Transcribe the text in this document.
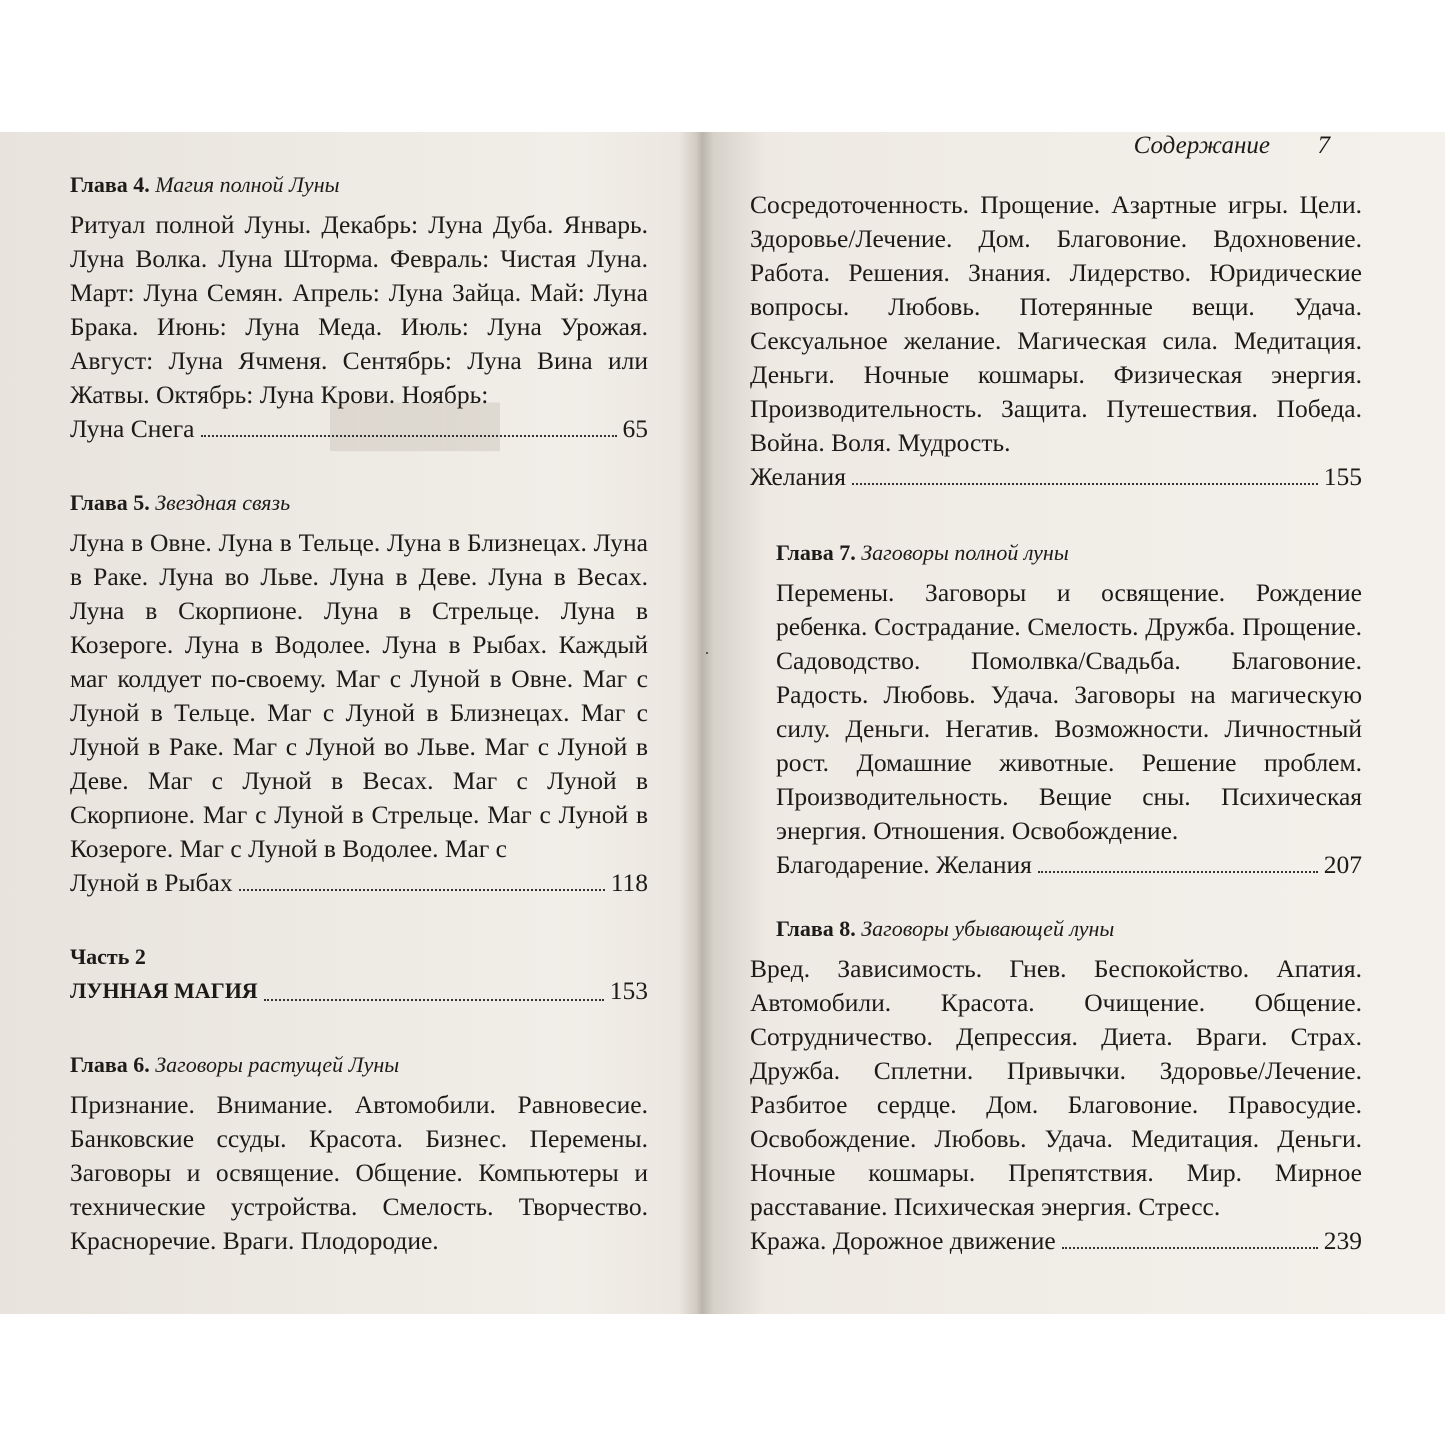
██████
Глава 4. Магия полной Луны
Ритуал полной Луны. Декабрь: Луна Дуба. Январь. Луна Волка. Луна Шторма. Февраль: Чистая Луна. Март: Луна Семян. Апрель: Луна Зайца. Май: Луна Брака. Июнь: Луна Меда. Июль: Луна Урожая. Август: Луна Ячменя. Сентябрь: Луна Вина или Жатвы. Октябрь: Луна Крови. Ноябрь:
Луна Снега	65
Глава 5. Звездная связь
Луна в Овне. Луна в Тельце. Луна в Близнецах. Луна в Раке. Луна во Льве. Луна в Деве. Луна в Весах. Луна в Скорпионе. Луна в Стрельце. Луна в Козероге. Луна в Водолее. Луна в Рыбах. Каждый маг колдует по-своему. Маг с Луной в Овне. Маг с Луной в Тельце. Маг с Луной в Близнецах. Маг с Луной в Раке. Маг с Луной во Льве. Маг с Луной в Деве. Маг с Луной в Весах. Маг с Луной в Скорпионе. Маг с Луной в Стрельце. Маг с Луной в Козероге. Маг с Луной в Водолее. Маг с
Луной в Рыбах	118
Часть 2
ЛУННАЯ МАГИЯ	153
Глава 6. Заговоры растущей Луны
Признание. Внимание. Автомобили. Равновесие. Банковские ссуды. Красота. Бизнес. Перемены. Заговоры и освящение. Общение. Компьютеры и технические устройства. Смелость. Творчество. Красноречие. Враги. Плодородие.
Содержание 7
Сосредоточенность. Прощение. Азартные игры. Цели. Здоровье/Лечение. Дом. Благовоние. Вдохновение. Работа. Решения. Знания. Лидерство. Юридические вопросы. Любовь. Потерянные вещи. Удача. Сексуальное желание. Магическая сила. Медитация. Деньги. Ночные кошмары. Физическая энергия. Производительность. Защита. Путешествия. Победа. Война. Воля. Мудрость.
Желания	155
Глава 7. Заговоры полной луны
Перемены. Заговоры и освящение. Рождение ребенка. Сострадание. Смелость. Дружба. Прощение. Садоводство. Помолвка/Свадьба. Благовоние. Радость. Любовь. Удача. Заговоры на магическую силу. Деньги. Негатив. Возможности. Личностный рост. Домашние животные. Решение проблем. Производительность. Вещие сны. Психическая энергия. Отношения. Освобождение.
Благодарение. Желания	207
Глава 8. Заговоры убывающей луны
Вред. Зависимость. Гнев. Беспокойство. Апатия. Автомобили. Красота. Очищение. Общение. Сотрудничество. Депрессия. Диета. Враги. Страх. Дружба. Сплетни. Привычки. Здоровье/Лечение. Разбитое сердце. Дом. Благовоние. Правосудие. Освобождение. Любовь. Удача. Медитация. Деньги. Ночные кошмары. Препятствия. Мир. Мирное расставание. Психическая энергия. Стресс.
Кража. Дорожное движение	239
